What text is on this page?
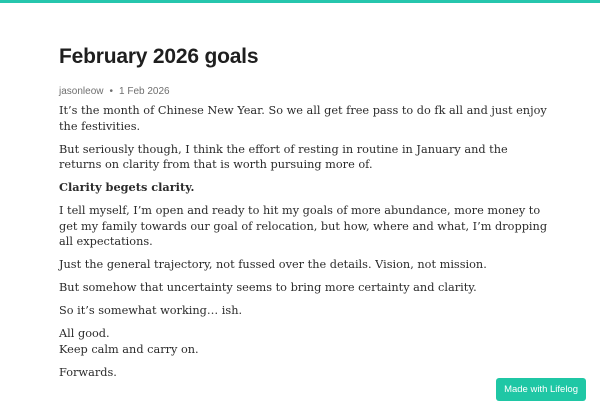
February 2026 goals
jasonleow • 1 Feb 2026

It’s the month of Chinese New Year. So we all get free pass to do fk all and just enjoy the festivities.

But seriously though, I think the effort of resting in routine in January and the returns on clarity from that is worth pursuing more of.

Clarity begets clarity.

I tell myself, I’m open and ready to hit my goals of more abundance, more money to get my family towards our goal of relocation, but how, where and what, I’m dropping all expectations.

Just the general trajectory, not fussed over the details. Vision, not mission.

But somehow that uncertainty seems to bring more certainty and clarity.

So it’s somewhat working… ish.

All good.
Keep calm and carry on.

Forwards.

Made with Lifelog
